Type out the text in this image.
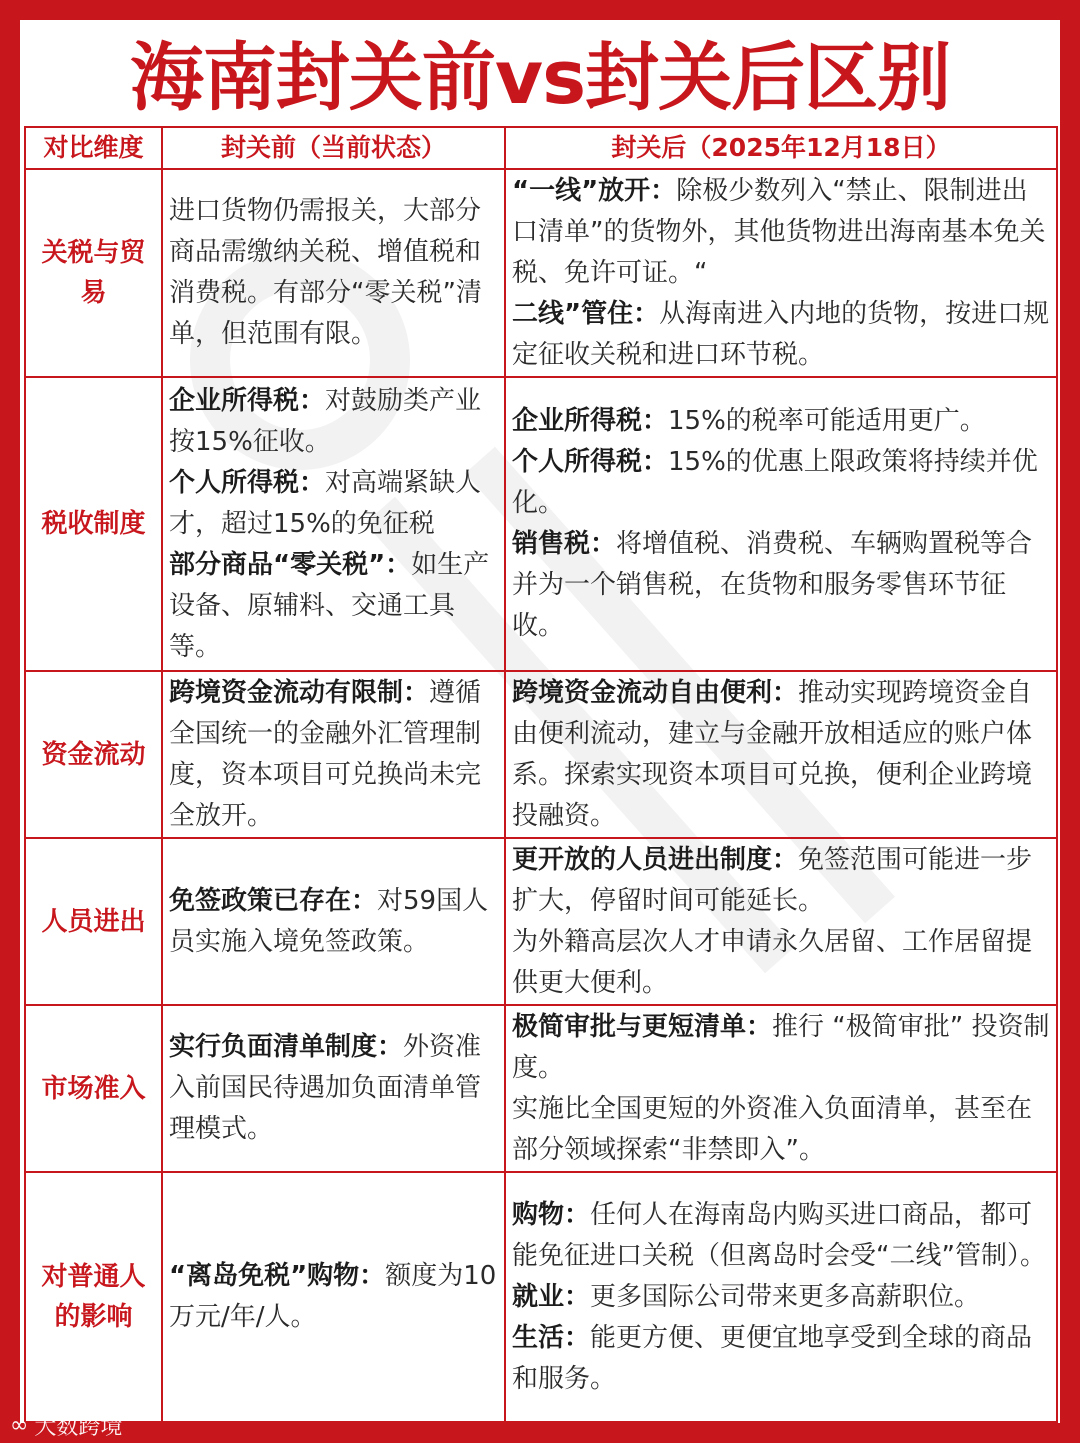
海南封关前vs封关后区别
对比维度	封关前（当前状态）	封关后（2025年12月18日）
关税与贸易	进口货物仍需报关，大部分商品需缴纳关税、增值税和消费税。有部分“零关税”清单，但范围有限。	“一线”放开：除极少数列入“禁止、限制进出口清单”的货物外，其他货物进出海南基本免关税、免许可证。“
二线”管住：从海南进入内地的货物，按进口规定征收关税和进口环节税。

税收制度	企业所得税：对鼓励类产业按15%征收。
个人所得税：对高端紧缺人才，超过15%的免征税
部分商品“零关税”：如生产设备、原辅料、交通工具等。	企业所得税：15%的税率可能适用更广。
个人所得税：15%的优惠上限政策将持续并优化。
销售税：将增值税、消费税、车辆购置税等合并为一个销售税，在货物和服务零售环节征收。

资金流动	跨境资金流动有限制：遵循全国统一的金融外汇管理制度，资本项目可兑换尚未完全放开。	跨境资金流动自由便利：推动实现跨境资金自由便利流动，建立与金融开放相适应的账户体系。探索实现资本项目可兑换，便利企业跨境投融资。

人员进出	免签政策已存在：对59国人员实施入境免签政策。	更开放的人员进出制度：免签范围可能进一步扩大，停留时间可能延长。
为外籍高层次人才申请永久居留、工作居留提供更大便利。

市场准入	实行负面清单制度：外资准入前国民待遇加负面清单管理模式。	极简审批与更短清单：推行 “极简审批” 投资制度。
实施比全国更短的外资准入负面清单，甚至在部分领域探索“非禁即入”。

对普通人的影响	“离岛免税”购物：额度为10万元/年/人。	购物：任何人在海南岛内购买进口商品，都可能免征进口关税（但离岛时会受“二线”管制）。
就业：更多国际公司带来更多高薪职位。
生活：能更方便、更便宜地享受到全球的商品和服务。
∞ 大数跨境
